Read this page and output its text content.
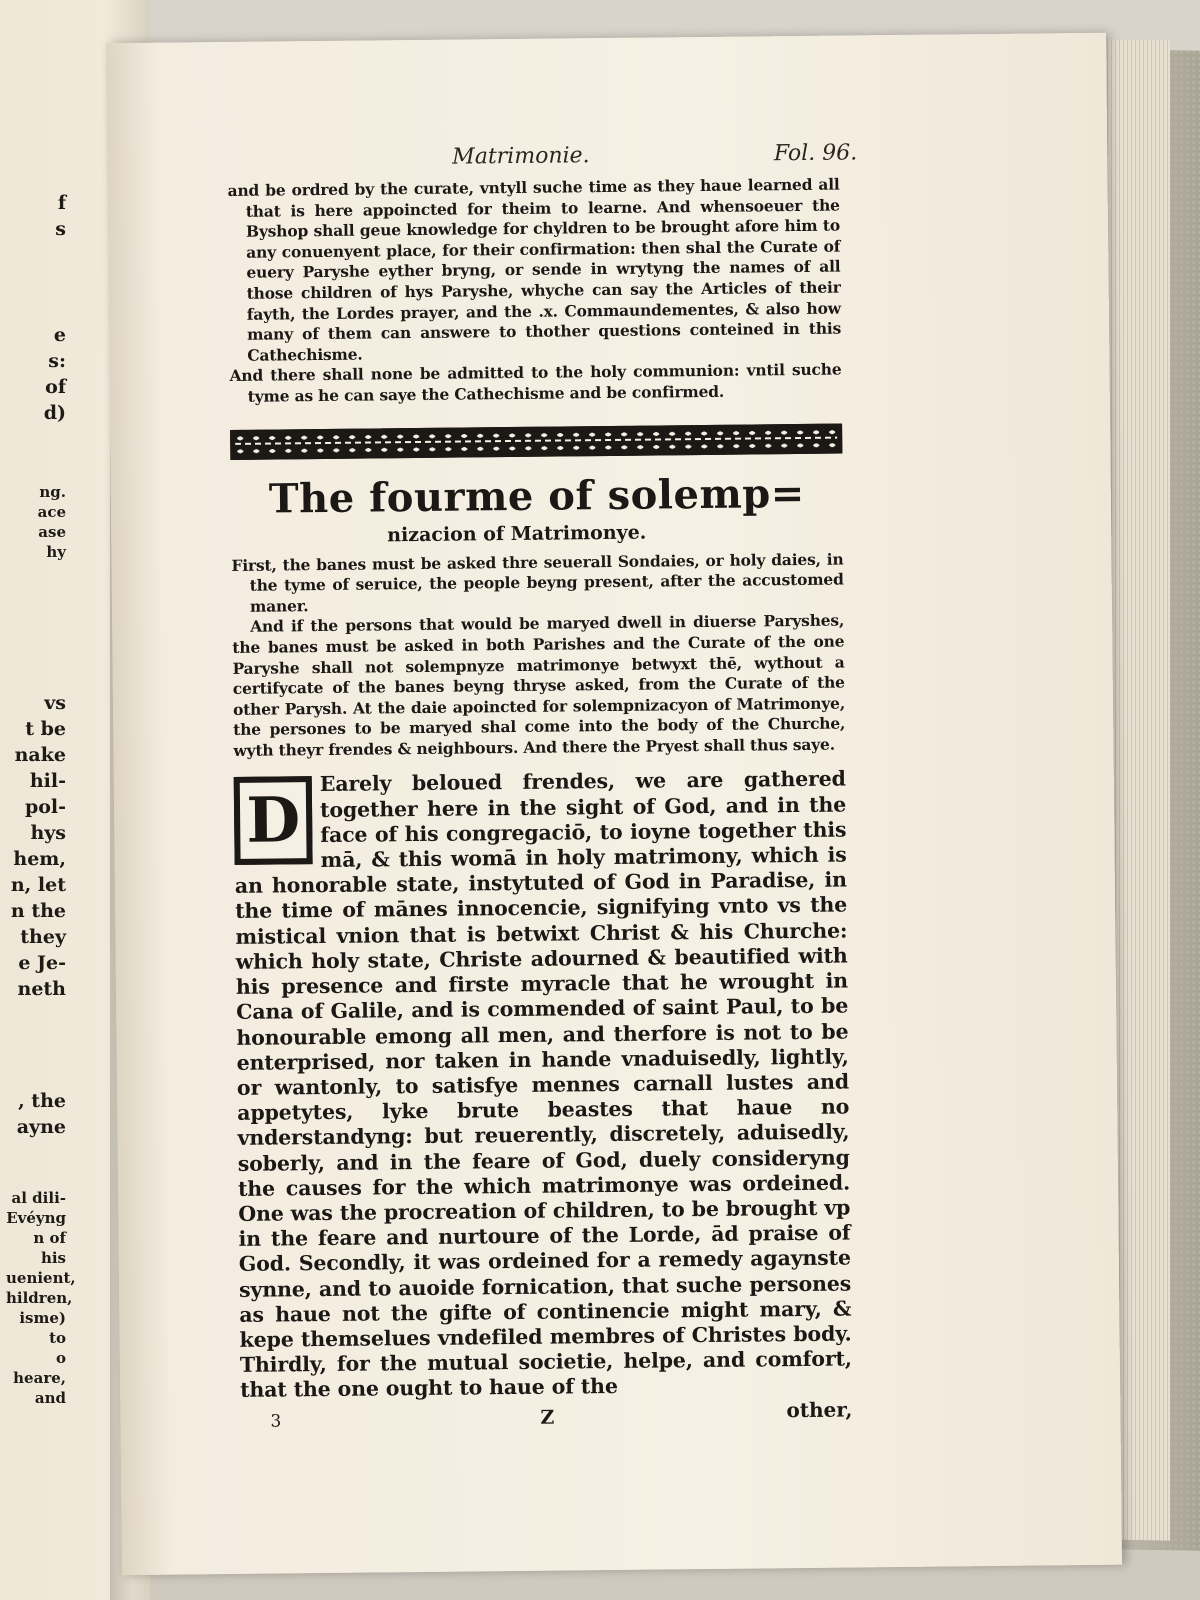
f
s
e
s:
of
d)
ng.
ace
ase
hy
vs
t be
nake
hil-
pol-
hys
hem,
n, let
n the
they
e Je-
neth
, the
ayne
al dili-
Evéyng
n of his
uenient,
hildren,
isme) to
o heare,
and
Matrimonie.	Fol. 96.
and be ordred by the curate, vntyll suche time as they haue learned all that is here appoincted for theim to learne. And whensoeuer the Byshop shall geue knowledge for chyldren to be brought afore him to any conuenyent place, for their confirmation: then shal the Curate of euery Paryshe eyther bryng, or sende in wrytyng the names of all those children of hys Paryshe, whyche can say the Articles of their fayth, the Lordes prayer, and the .x. Commaundementes, & also how many of them can answere to thother questions conteined in this Cathechisme.
And there shall none be admitted to the holy communion: vntil suche tyme as he can saye the Cathechisme and be confirmed.
The fourme of solemp=
nizacion of Matrimonye.
First, the banes must be asked thre seuerall Sondaies, or holy daies, in the tyme of seruice, the people beyng present, after the accustomed maner.
And if the persons that would be maryed dwell in diuerse Paryshes, the banes must be asked in both Parishes and the Curate of the one Paryshe shall not solempnyze matrimonye betwyxt thē, wythout a certifycate of the banes beyng thryse asked, from the Curate of the other Parysh. At the daie apoincted for solempnizacyon of Matrimonye, the persones to be maryed shal come into the body of the Churche, wyth theyr frendes & neighbours. And there the Pryest shall thus saye.
D
Earely beloued frendes, we are gathered together here in the sight of God, and in the face of his congregaciō, to ioyne together this mā, & this womā in holy matrimony, which is an honorable state, instytuted of God in Paradise, in the time of mānes innocencie, signifying vnto vs the mistical vnion that is betwixt Christ & his Churche: which holy state, Christe adourned & beautified with his presence and firste myracle that he wrought in Cana of Galile, and is commended of saint Paul, to be honourable emong all men, and therfore is not to be enterprised, nor taken in hande vnaduisedly, lightly, or wantonly, to satisfye mennes carnall lustes and appetytes, lyke brute beastes that haue no vnderstandyng: but reuerently, discretely, aduisedly, soberly, and in the feare of God, duely consideryng the causes for the which matrimonye was ordeined. One was the procreation of children, to be brought vp in the feare and nurtoure of the Lorde, ād praise of God. Secondly, it was ordeined for a remedy agaynste synne, and to auoide fornication, that suche persones as haue not the gifte of continencie might mary, & kepe themselues vndefiled membres of Christes body. Thirdly, for the mutual societie, helpe, and comfort, that the one ought to haue of the
3	Z	other,
